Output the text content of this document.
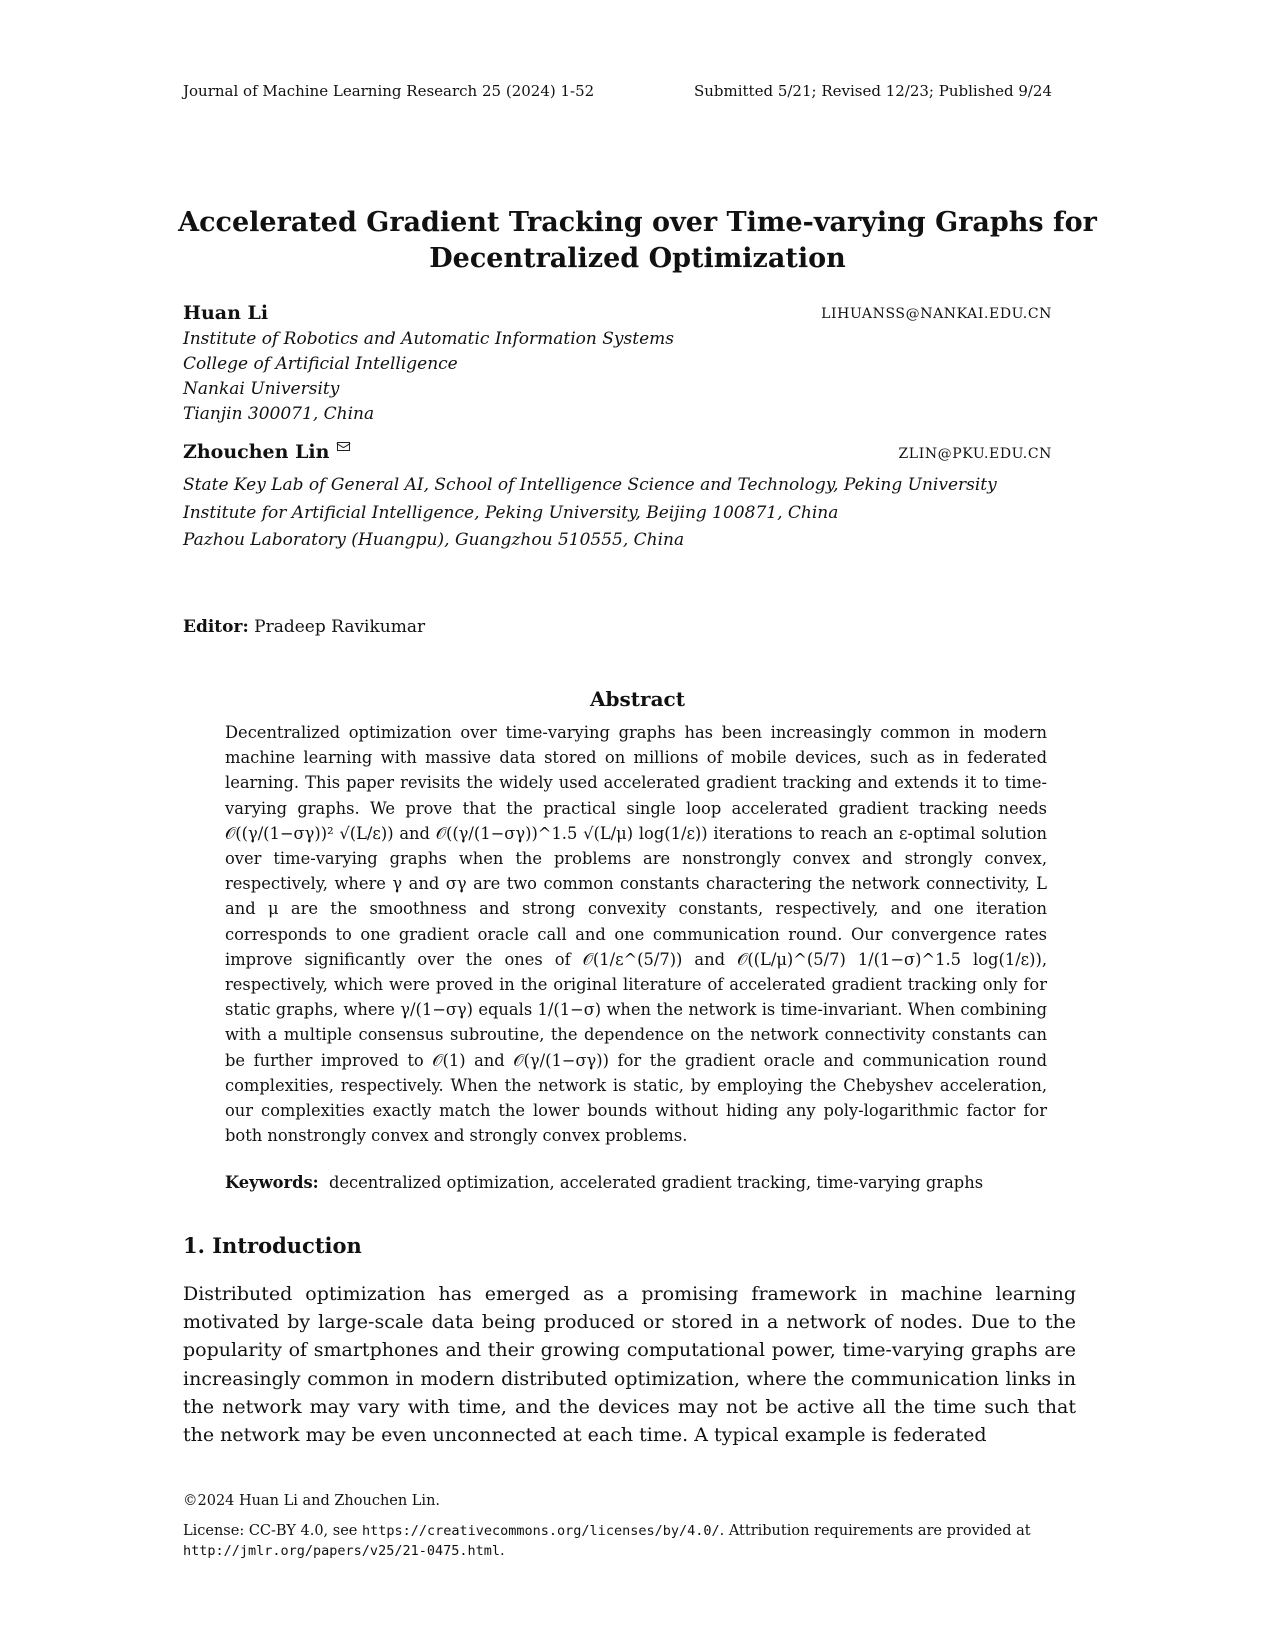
Journal of Machine Learning Research 25 (2024) 1-52	Submitted 5/21; Revised 12/23; Published 9/24
Accelerated Gradient Tracking over Time-varying Graphs for
Decentralized Optimization
Huan Li	LIHUANSS@NANKAI.EDU.CN
Institute of Robotics and Automatic Information Systems
College of Artificial Intelligence
Nankai University
Tianjin 300071, China
Zhouchen Lin	ZLIN@PKU.EDU.CN
State Key Lab of General AI, School of Intelligence Science and Technology, Peking University
Institute for Artificial Intelligence, Peking University, Beijing 100871, China
Pazhou Laboratory (Huangpu), Guangzhou 510555, China
Editor: Pradeep Ravikumar
Abstract

Decentralized optimization over time-varying graphs has been increasingly common in modern machine learning with massive data stored on millions of mobile devices, such as in federated learning. This paper revisits the widely used accelerated gradient tracking and extends it to time-varying graphs. We prove that the practical single loop accelerated gradient tracking needs 𝒪((γ/(1−σγ))² √(L/ε)) and 𝒪((γ/(1−σγ))^1.5 √(L/μ) log(1/ε)) iterations to reach an ε-optimal solution over time-varying graphs when the problems are nonstrongly convex and strongly convex, respectively, where γ and σγ are two common constants charactering the network connectivity, L and μ are the smoothness and strong convexity constants, respectively, and one iteration corresponds to one gradient oracle call and one communication round. Our convergence rates improve significantly over the ones of 𝒪(1/ε^(5/7)) and 𝒪((L/μ)^(5/7) 1/(1−σ)^1.5 log(1/ε)), respectively, which were proved in the original literature of accelerated gradient tracking only for static graphs, where γ/(1−σγ) equals 1/(1−σ) when the network is time-invariant. When combining with a multiple consensus subroutine, the dependence on the network connectivity constants can be further improved to 𝒪(1) and 𝒪(γ/(1−σγ)) for the gradient oracle and communication round complexities, respectively. When the network is static, by employing the Chebyshev acceleration, our complexities exactly match the lower bounds without hiding any poly-logarithmic factor for both nonstrongly convex and strongly convex problems.

Keywords: decentralized optimization, accelerated gradient tracking, time-varying graphs
1. Introduction

Distributed optimization has emerged as a promising framework in machine learning motivated by large-scale data being produced or stored in a network of nodes. Due to the popularity of smartphones and their growing computational power, time-varying graphs are increasingly common in modern distributed optimization, where the communication links in the network may vary with time, and the devices may not be active all the time such that the network may be even unconnected at each time. A typical example is federated

©2024 Huan Li and Zhouchen Lin.
License: CC-BY 4.0, see https://creativecommons.org/licenses/by/4.0/. Attribution requirements are provided at http://jmlr.org/papers/v25/21-0475.html.
